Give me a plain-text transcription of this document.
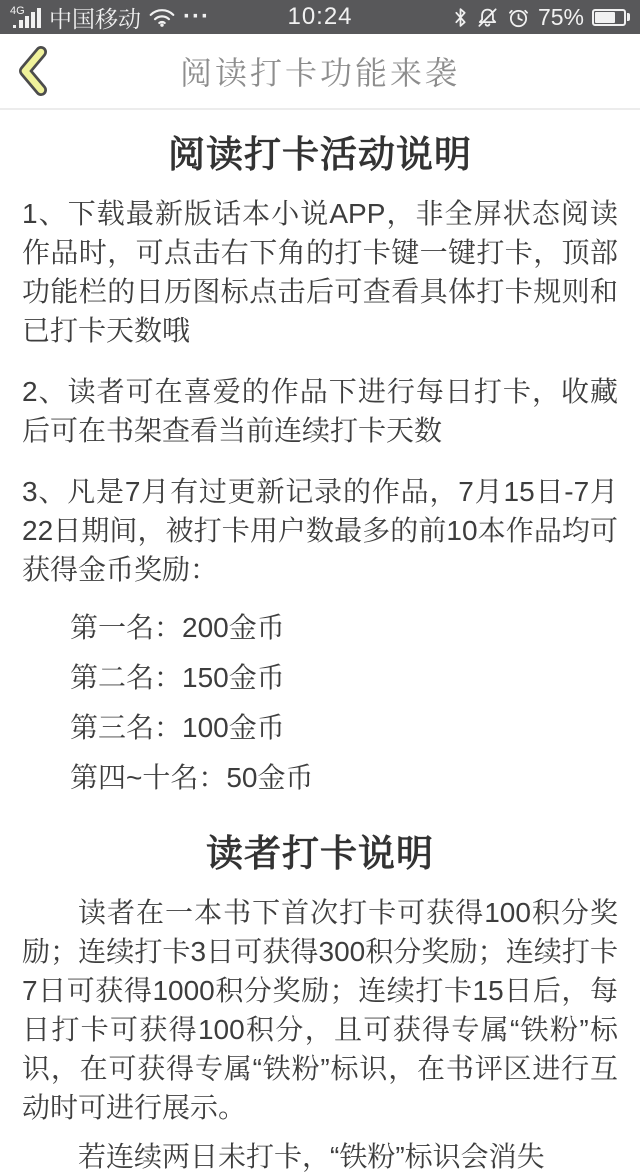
4G 中国移动 ···	10:24	75%
阅读打卡功能来袭
阅读打卡活动说明

1、下载最新版话本小说APP，非全屏状态阅读作品时，可点击右下角的打卡键一键打卡，顶部功能栏的日历图标点击后可查看具体打卡规则和已打卡天数哦

2、读者可在喜爱的作品下进行每日打卡，收藏后可在书架查看当前连续打卡天数

3、凡是7月有过更新记录的作品，7月15日-7月22日期间，被打卡用户数最多的前10本作品均可获得金币奖励：

第一名：200金币
第二名：150金币
第三名：100金币
第四~十名：50金币
读者打卡说明

读者在一本书下首次打卡可获得100积分奖励；连续打卡3日可获得300积分奖励；连续打卡7日可获得1000积分奖励；连续打卡15日后，每日打卡可获得100积分，且可获得专属“铁粉”标识，在可获得专属“铁粉”标识，在书评区进行互动时可进行展示。

若连续两日未打卡，“铁粉”标识会消失
